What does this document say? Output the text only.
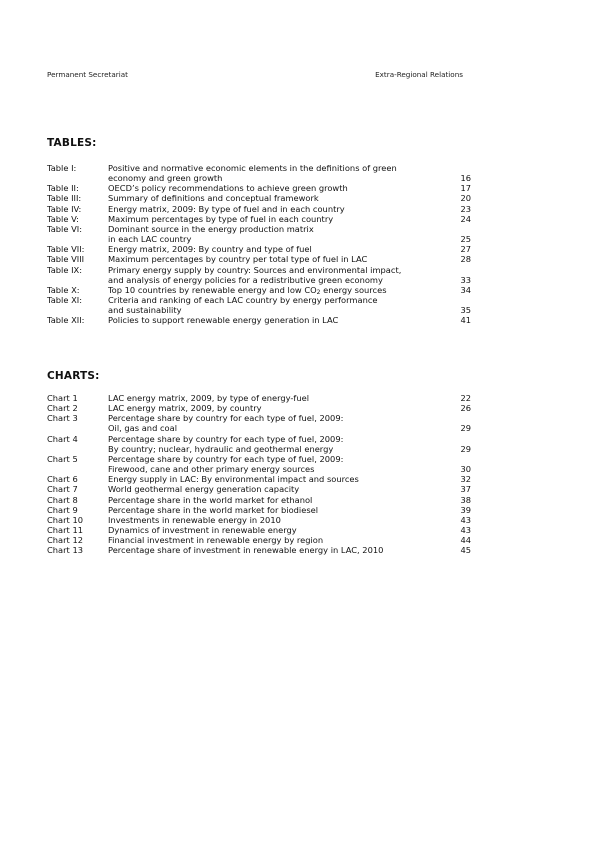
Permanent Secretariat	Extra-Regional Relations
TABLES:
Table I:	Positive and normative economic elements in the definitions of green
economy and green growth	16
Table II:	OECD’s policy recommendations to achieve green growth	17
Table III:	Summary of definitions and conceptual framework	20
Table IV:	Energy matrix, 2009: By type of fuel and in each country	23
Table V:	Maximum percentages by type of fuel in each country	24
Table VI:	Dominant source in the energy production matrix
in each LAC country	25
Table VII:	Energy matrix, 2009: By country and type of fuel	27
Table VIII	Maximum percentages by country per total type of fuel in LAC	28
Table IX:	Primary energy supply by country: Sources and environmental impact,
and analysis of energy policies for a redistributive green economy	33
Table X:	Top 10 countries by renewable energy and low $CO_2$ energy sources	34
Table XI:	Criteria and ranking of each LAC country by energy performance
and sustainability	35
Table XII:	Policies to support renewable energy generation in LAC	41
CHARTS:
Chart 1	LAC energy matrix, 2009, by type of energy-fuel	22
Chart 2	LAC energy matrix, 2009, by country	26
Chart 3	Percentage share by country for each type of fuel, 2009:
Oil, gas and coal	29
Chart 4	Percentage share by country for each type of fuel, 2009:
By country; nuclear, hydraulic and geothermal energy	29
Chart 5	Percentage share by country for each type of fuel, 2009:
Firewood, cane and other primary energy sources	30
Chart 6	Energy supply in LAC: By environmental impact and sources	32
Chart 7	World geothermal energy generation capacity	37
Chart 8	Percentage share in the world market for ethanol	38
Chart 9	Percentage share in the world market for biodiesel	39
Chart 10	Investments in renewable energy in 2010	43
Chart 11	Dynamics of investment in renewable energy	43
Chart 12	Financial investment in renewable energy by region	44
Chart 13	Percentage share of investment in renewable energy in LAC, 2010	45
